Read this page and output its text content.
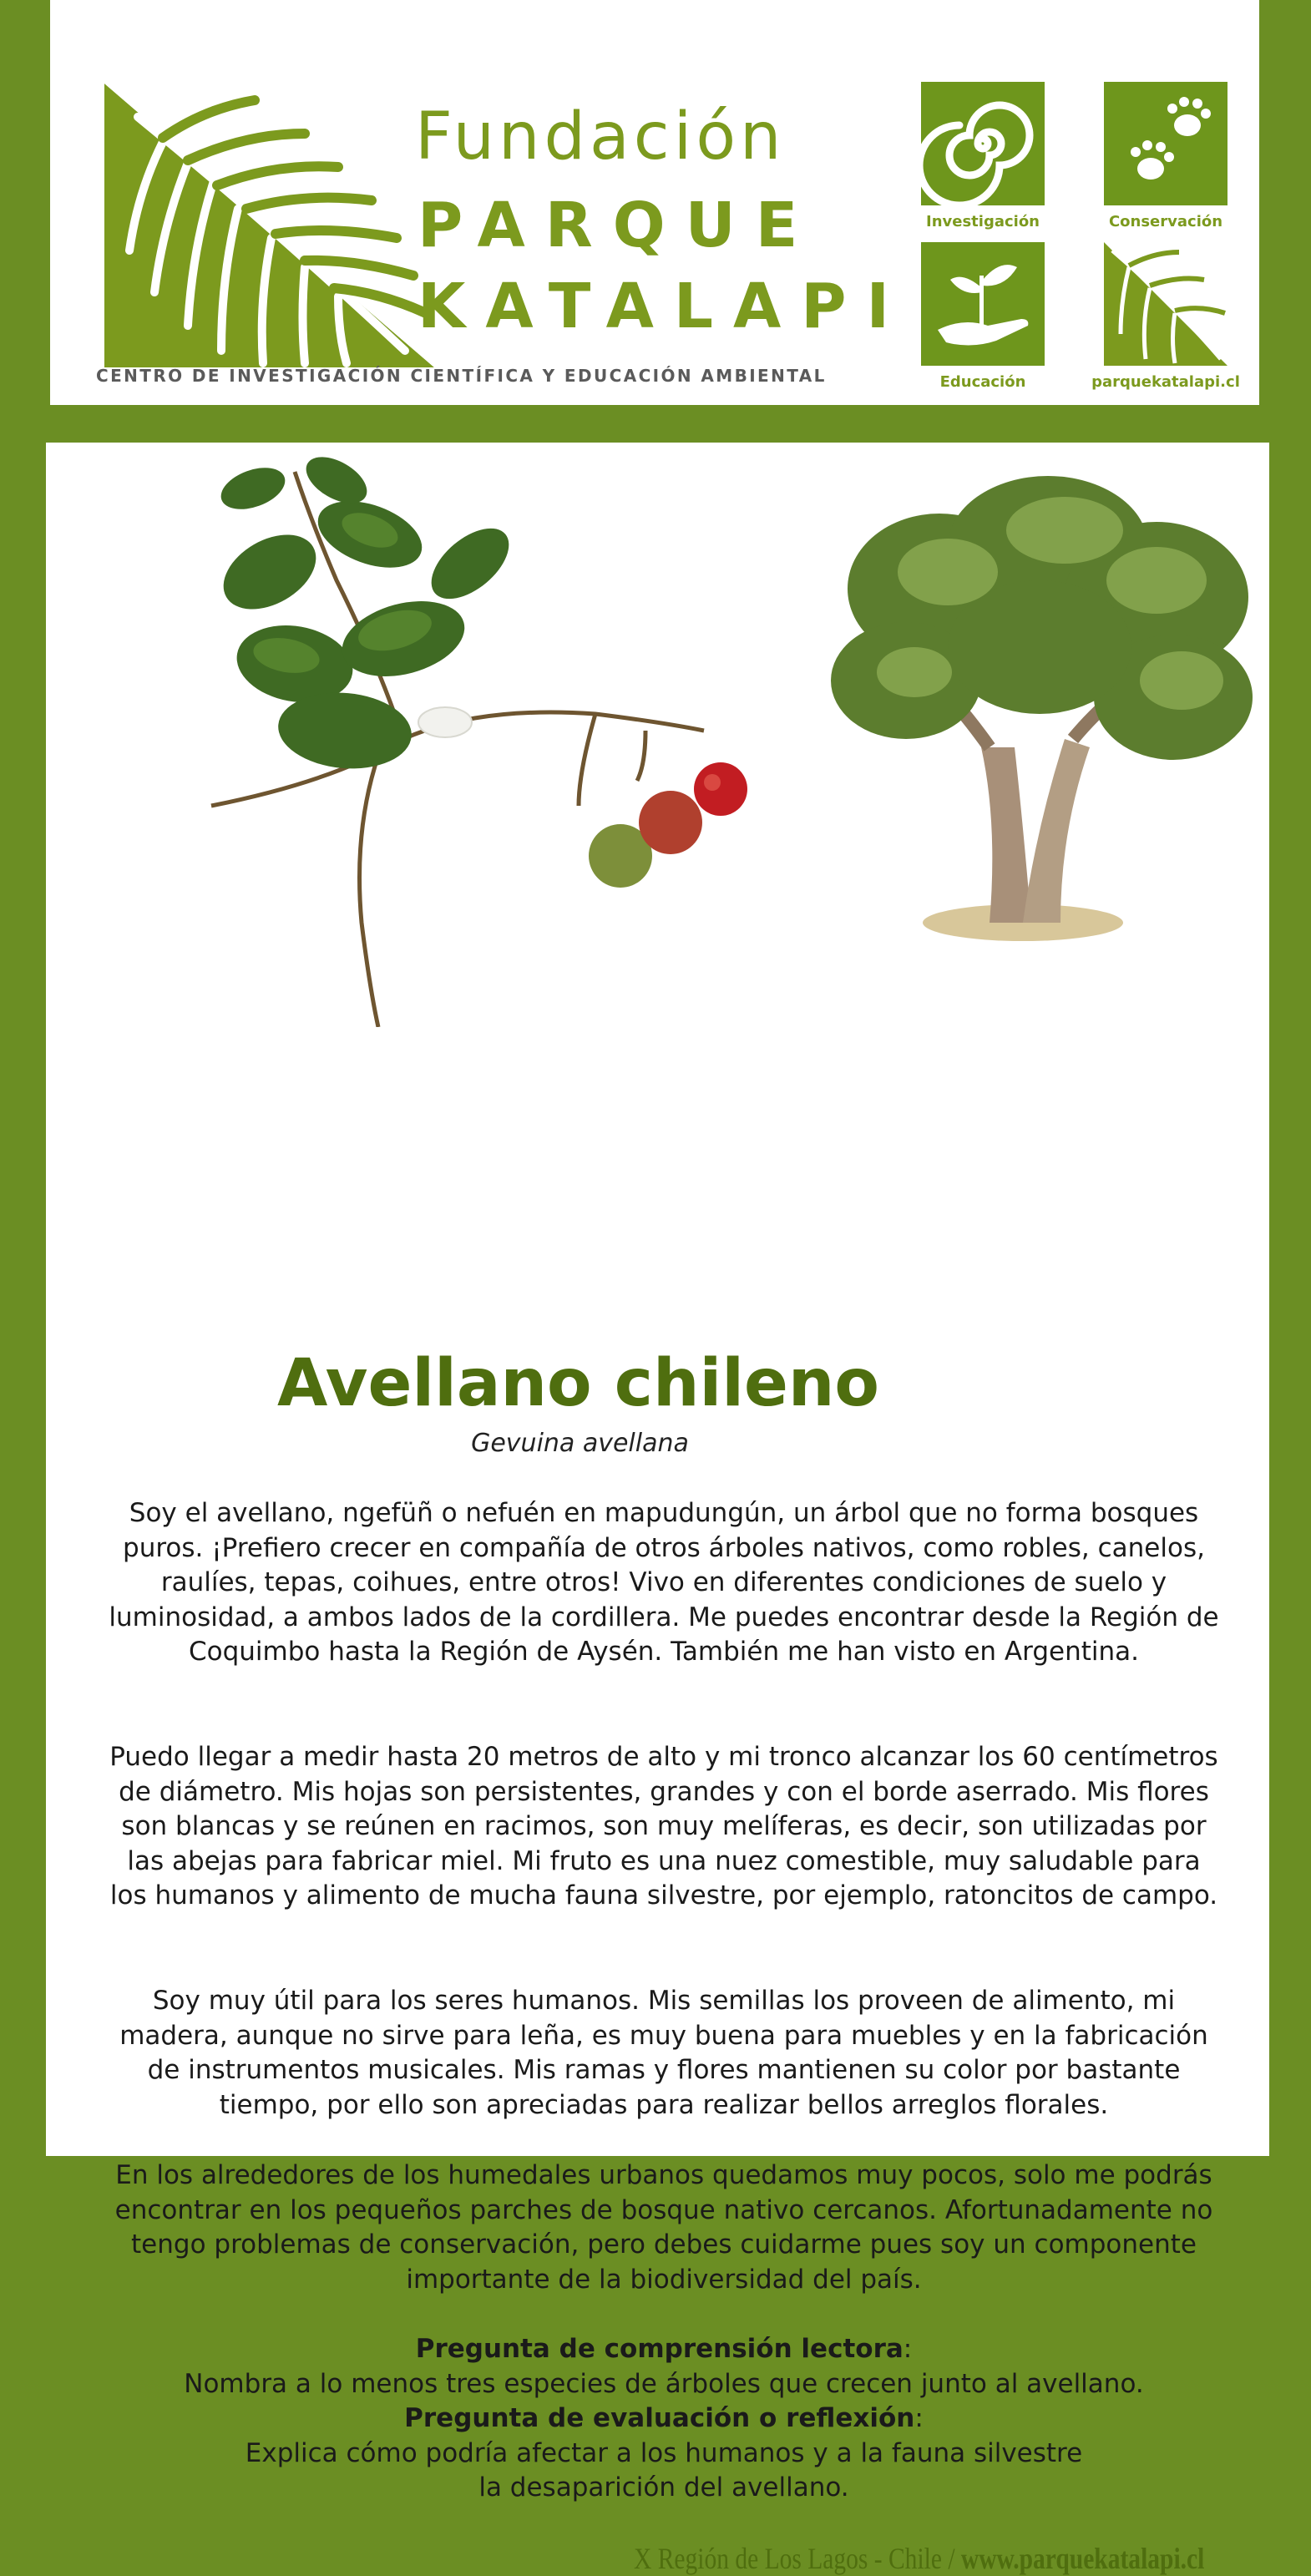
Fundación
PARQUE
KATALAPI
CENTRO DE INVESTIGACIÓN CIENTÍFICA Y EDUCACIÓN AMBIENTAL
Investigación	Conservación
Educación	parquekatalapi.cl
Avellano chileno
Gevuina avellana

Soy el avellano, ngefüñ o nefuén en mapudungún, un árbol que no forma bosques puros. ¡Prefiero crecer en compañía de otros árboles nativos, como robles, canelos, raulíes, tepas, coihues, entre otros! Vivo en diferentes condiciones de suelo y luminosidad, a ambos lados de la cordillera. Me puedes encontrar desde la Región de Coquimbo hasta la Región de Aysén. También me han visto en Argentina.

Puedo llegar a medir hasta 20 metros de alto y mi tronco alcanzar los 60 centímetros de diámetro. Mis hojas son persistentes, grandes y con el borde aserrado. Mis flores son blancas y se reúnen en racimos, son muy melíferas, es decir, son utilizadas por las abejas para fabricar miel. Mi fruto es una nuez comestible, muy saludable para los humanos y alimento de mucha fauna silvestre, por ejemplo, ratoncitos de campo.

Soy muy útil para los seres humanos. Mis semillas los proveen de alimento, mi madera, aunque no sirve para leña, es muy buena para muebles y en la fabricación de instrumentos musicales. Mis ramas y flores mantienen su color por bastante tiempo, por ello son apreciadas para realizar bellos arreglos florales.

En los alrededores de los humedales urbanos quedamos muy pocos, solo me podrás encontrar en los pequeños parches de bosque nativo cercanos. Afortunadamente no tengo problemas de conservación, pero debes cuidarme pues soy un componente importante de la biodiversidad del país.

Pregunta de comprensión lectora:
Nombra a lo menos tres especies de árboles que crecen junto al avellano.
Pregunta de evaluación o reflexión:
Explica cómo podría afectar a los humanos y a la fauna silvestre
la desaparición del avellano.
X Región de Los Lagos - Chile / www.parquekatalapi.cl
